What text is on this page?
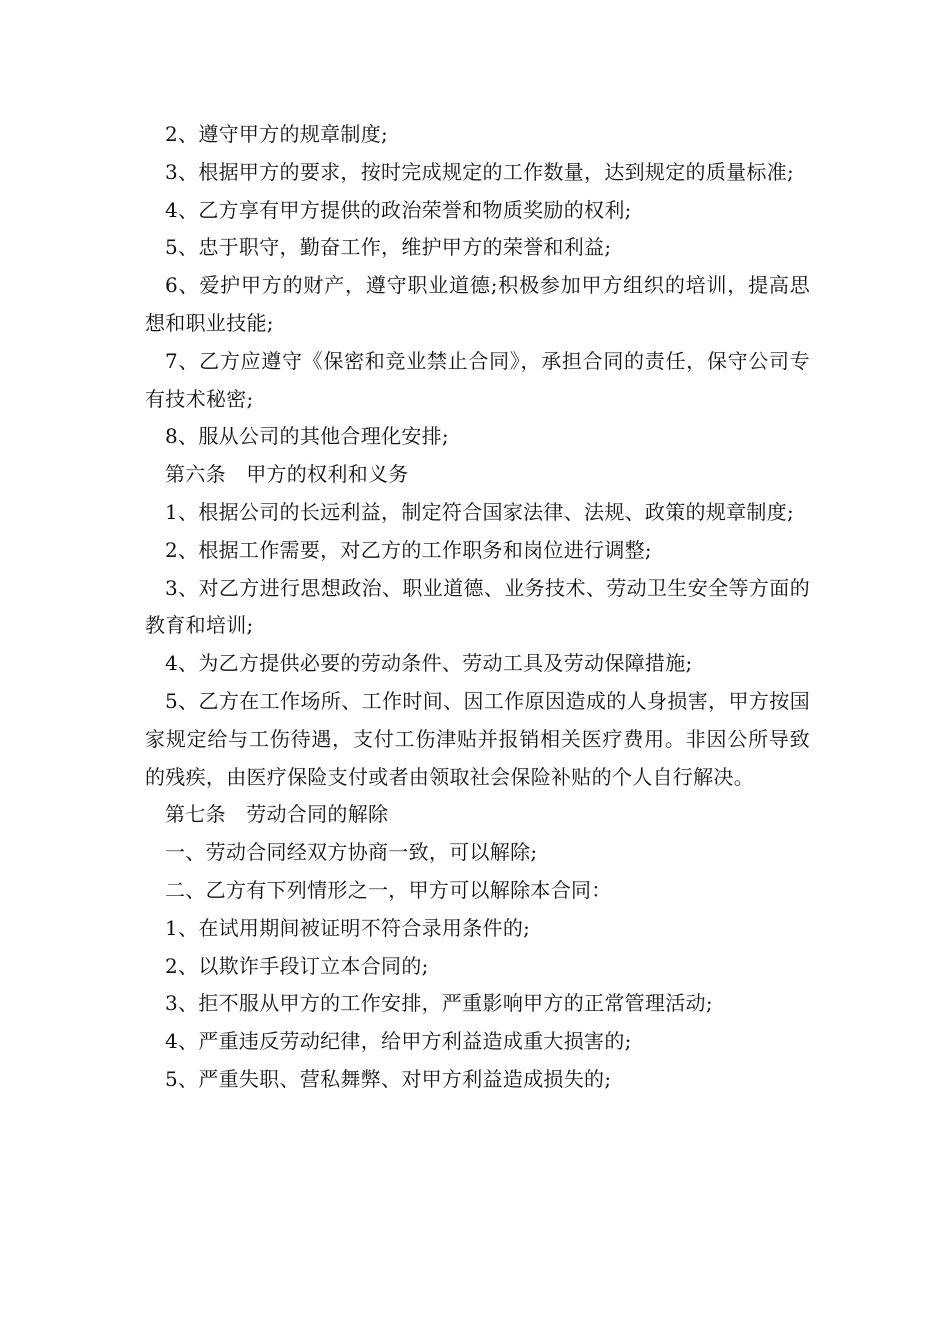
2、遵守甲方的规章制度;

3、根据甲方的要求，按时完成规定的工作数量，达到规定的质量标准;

4、乙方享有甲方提供的政治荣誉和物质奖励的权利;

5、忠于职守，勤奋工作，维护甲方的荣誉和利益;

6、爱护甲方的财产，遵守职业道德;积极参加甲方组织的培训，提高思想和职业技能;

7、乙方应遵守《保密和竞业禁止合同》，承担合同的责任，保守公司专有技术秘密;

8、服从公司的其他合理化安排;

第六条　甲方的权利和义务

1、根据公司的长远利益，制定符合国家法律、法规、政策的规章制度;

2、根据工作需要，对乙方的工作职务和岗位进行调整;

3、对乙方进行思想政治、职业道德、业务技术、劳动卫生安全等方面的教育和培训;

4、为乙方提供必要的劳动条件、劳动工具及劳动保障措施;

5、乙方在工作场所、工作时间、因工作原因造成的人身损害，甲方按国家规定给与工伤待遇，支付工伤津贴并报销相关医疗费用。非因公所导致的残疾，由医疗保险支付或者由领取社会保险补贴的个人自行解决。

第七条　劳动合同的解除

一、劳动合同经双方协商一致，可以解除;

二、乙方有下列情形之一，甲方可以解除本合同：

1、在试用期间被证明不符合录用条件的;

2、以欺诈手段订立本合同的;

3、拒不服从甲方的工作安排，严重影响甲方的正常管理活动;

4、严重违反劳动纪律，给甲方利益造成重大损害的;

5、严重失职、营私舞弊、对甲方利益造成损失的;
